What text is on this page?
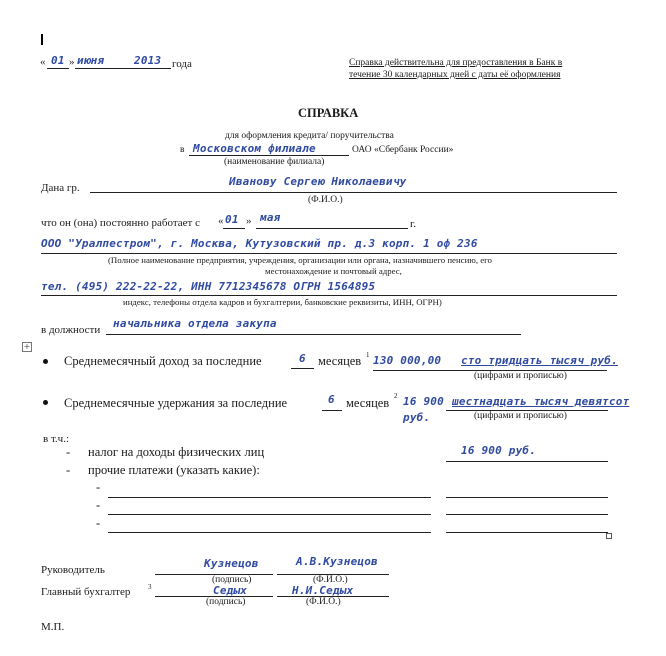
« 01 » июня	2013 года	Справка действительна для предоставления в Банк в
течение 30 календарных дней с даты её оформления
СПРАВКА
для оформления кредита/ поручительства
в Московском филиале	ОАО «Сбербанк России»
(наименование филиала)
Дана гр.	Иванову Сергею Николаевичу
(Ф.И.О.)
что он (она) постоянно работает с « 01 » мая	г.
ООО "Уралпестром", г. Москва, Кутузовский пр. д.3 корп. 1 оф 236
(Полное наименование предприятия, учреждения, организации или органа, назначившего пенсию, его
местонахождение и почтовый адрес,
тел. (495) 222-22-22, ИНН 7712345678 ОГРН 1564895
индекс, телефоны отдела кадров и бухгалтерии, банковские реквизиты, ИНН, ОГРН)
в должности начальника отдела закупа
+
Среднемесячный доход за последние	6 месяцев 1 130 000,00 сто тридцать тысяч руб.
(цифрами и прописью)
Среднемесячные удержания за последние	6 месяцев 2 16 900 шестнадцать тысяч девятсот
руб.	(цифрами и прописью)
в т.ч.:
- налог на доходы физических лиц	16 900 руб.
- прочие платежи (указать какие):
-
-
-
Руководитель	Кузнецов	А.В.Кузнецов
(подпись)	(Ф.И.О.)
Главный бухгалтер	3	Седых	Н.И.Седых
(подпись)	(Ф.И.О.)
М.П.
